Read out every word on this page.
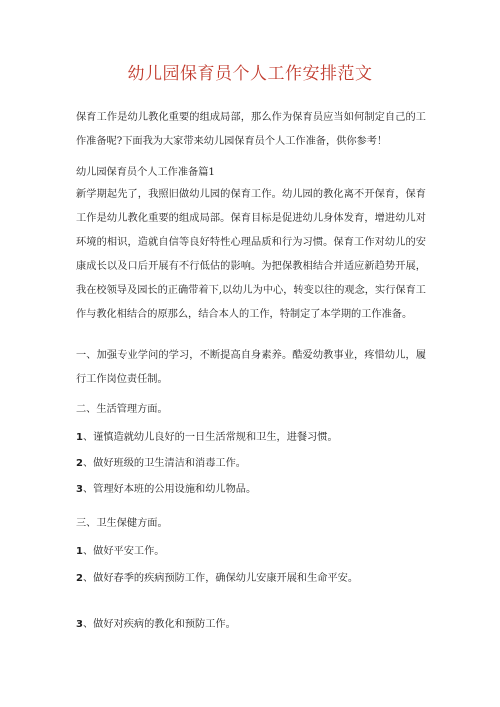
幼儿园保育员个人工作安排范文

保育工作是幼儿教化重要的组成局部，那么作为保育员应当如何制定自己的工作准备呢?下面我为大家带来幼儿园保育员个人工作准备，供你参考！

幼儿园保育员个人工作准备篇1

新学期起先了，我照旧做幼儿园的保育工作。幼儿园的教化离不开保育，保育工作是幼儿教化重要的组成局部。保育目标是促进幼儿身体发育，增进幼儿对环境的相识，造就自信等良好特性心理品质和行为习惯。保育工作对幼儿的安康成长以及口后开展有不行低估的影响。为把保教相结合并适应新趋势开展，我在校领导及园长的正确带着下,以幼儿为中心，转变以往的观念，实行保育工作与教化相结合的原那么，结合本人的工作，特制定了本学期的工作准备。

一、加强专业学问的学习，不断提高自身素养。酷爱幼教事业，疼惜幼儿，履行工作岗位责任制。

二、生活管理方面。

1、谨慎造就幼儿良好的一日生活常规和卫生，进餐习惯。

2、做好班级的卫生清洁和消毒工作。

3、管理好本班的公用设施和幼儿物品。

三、卫生保健方面。

1、做好平安工作。

2、做好春季的疾病预防工作，确保幼儿安康开展和生命平安。

3、做好对疾病的教化和预防工作。
